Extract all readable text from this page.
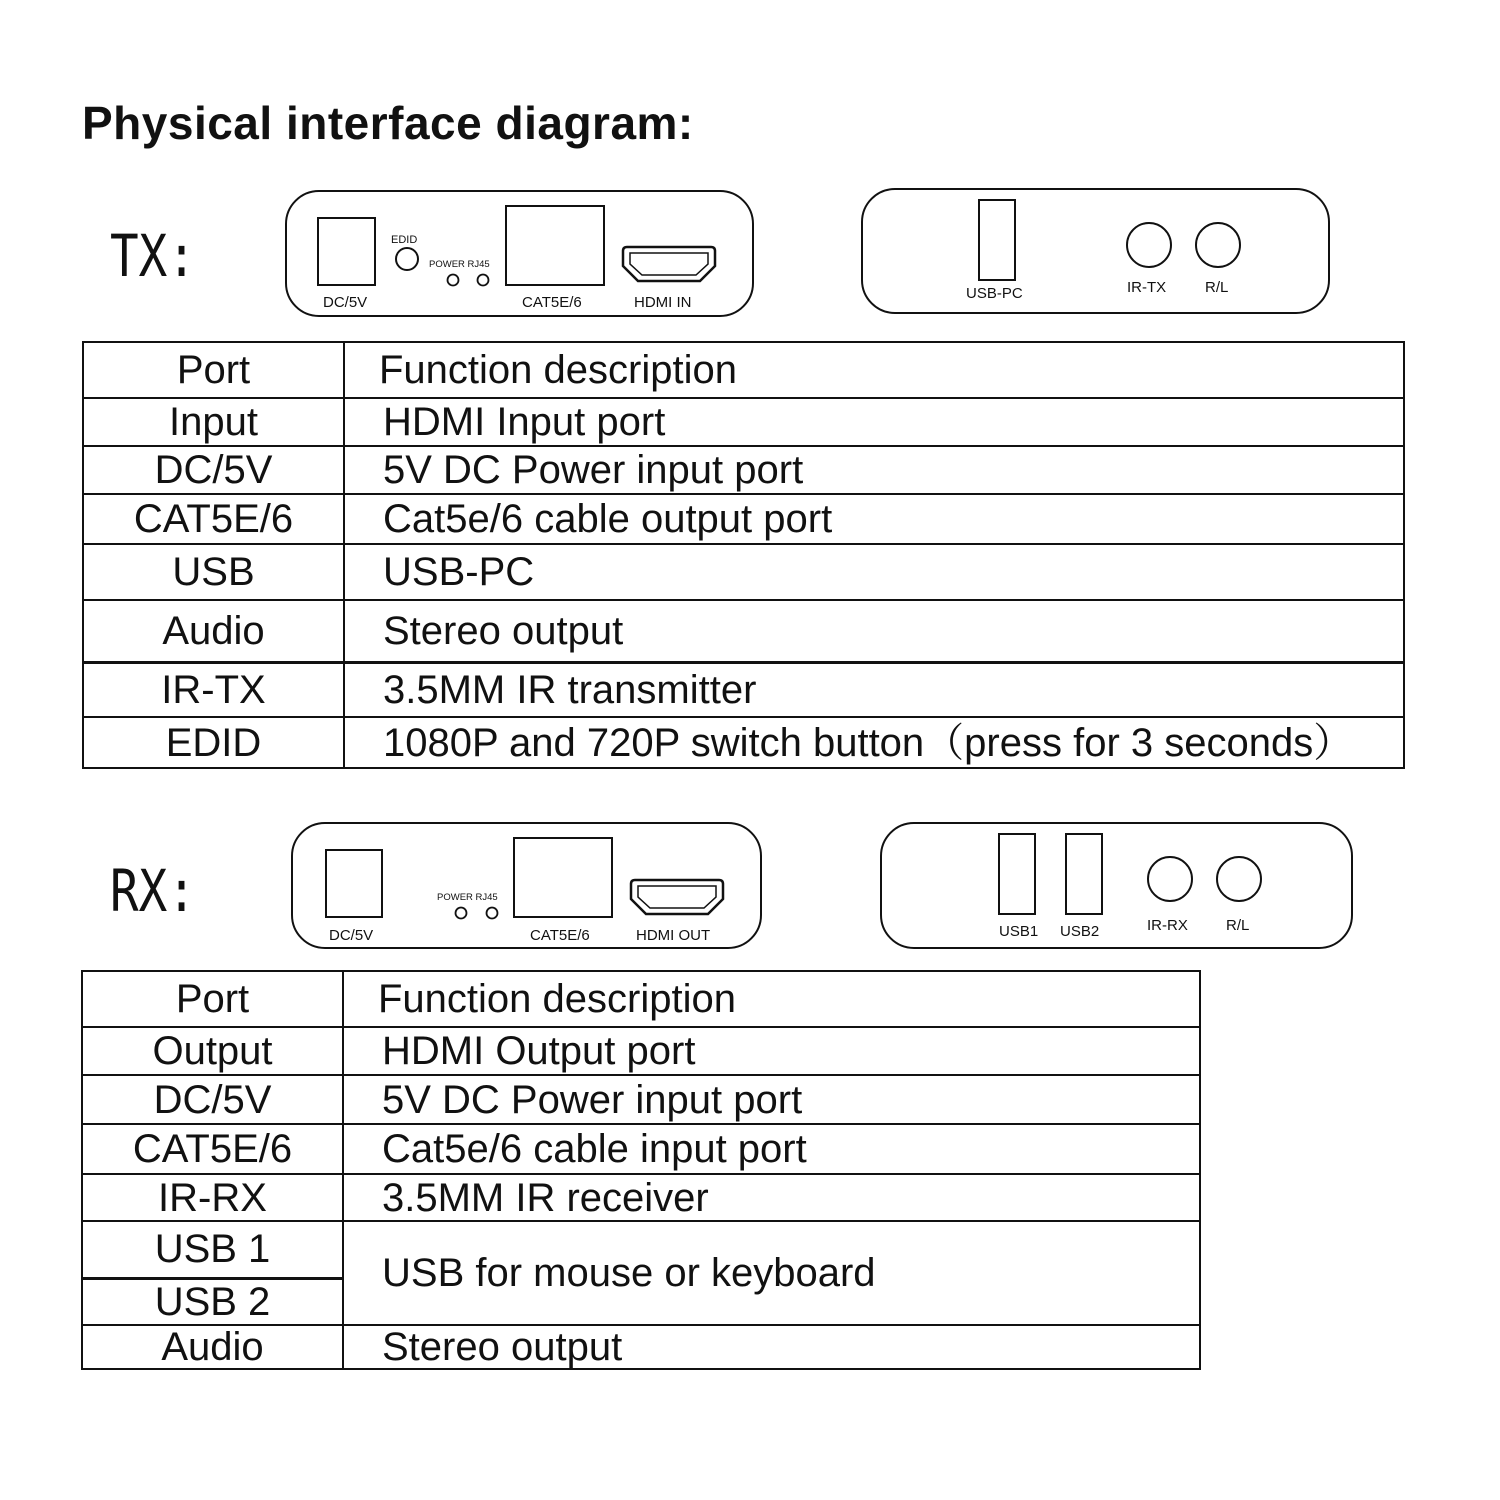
Physical interface diagram:
TX:
DC/5V
EDID
POWER RJ45
CAT5E/6	HDMI IN
USB-PC	IR-TX	R/L
Port	Function description
Input	HDMI Input port
DC/5V	5V DC Power input port
CAT5E/6	Cat5e/6 cable output port
USB	USB-PC
Audio	Stereo output
IR-TX	3.5MM IR transmitter
EDID	1080P and 720P switch button（press for 3 seconds）
RX:
DC/5V
POWER RJ45
CAT5E/6	HDMI OUT	USB1 USB2	IR-RX	R/L
Port	Function description
Output	HDMI Output port
DC/5V	5V DC Power input port
CAT5E/6	Cat5e/6 cable input port
IR-RX	3.5MM IR receiver
USB 1	USB for mouse or keyboard
USB 2	
Audio	Stereo output
